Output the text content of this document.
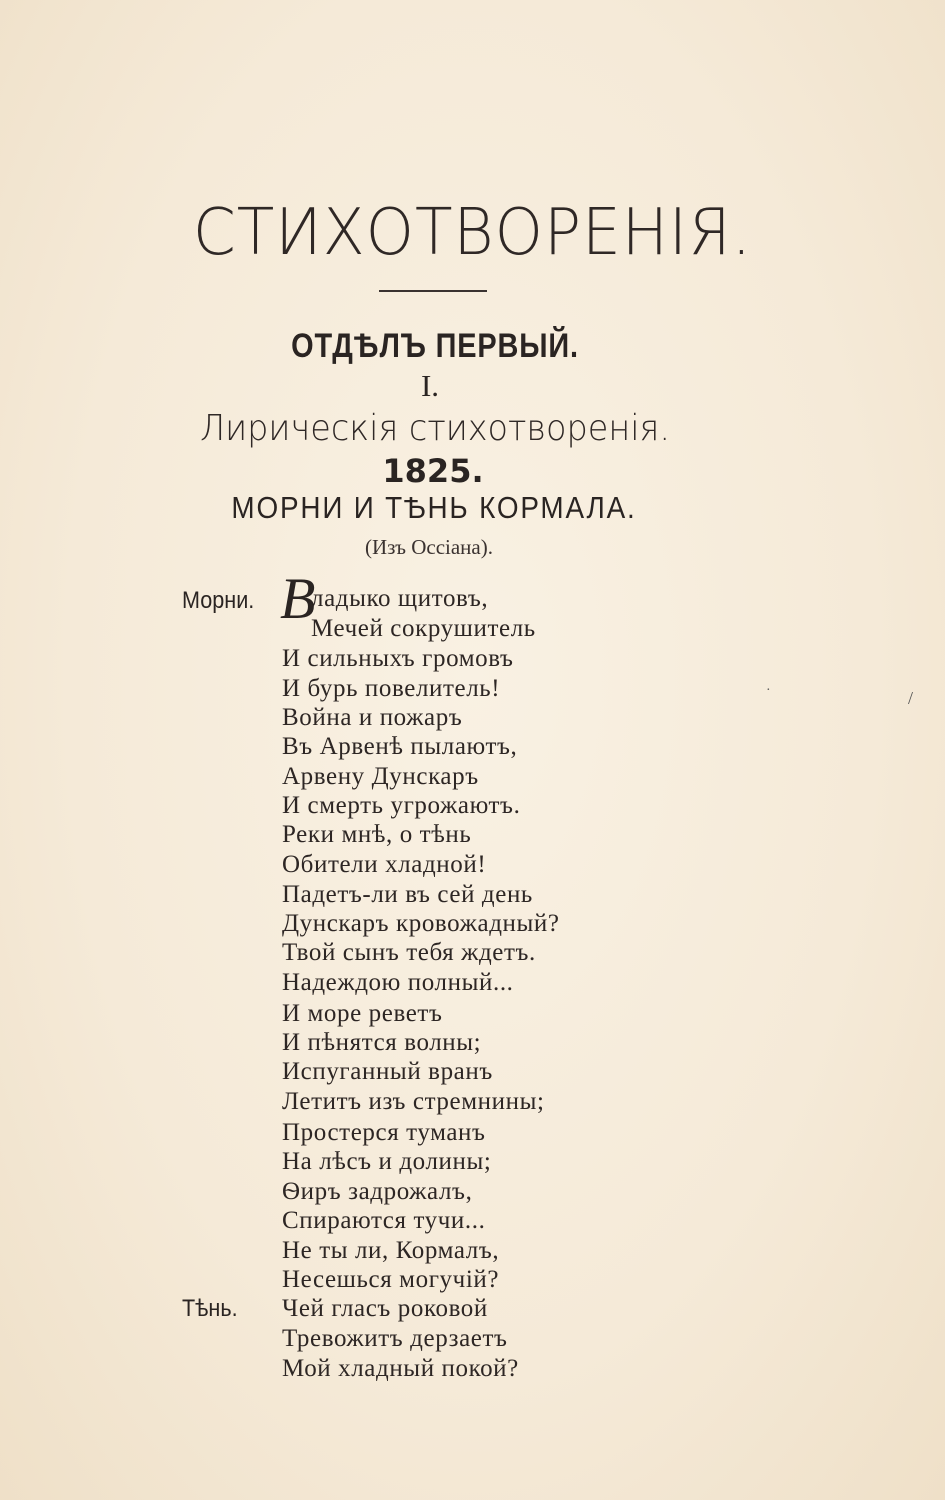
СТИХОТВОРЕНІЯ.
ОТДѢЛЪ ПЕРВЫЙ.
I.
Лирическія стихотворенія.
1825.
МОРНИ И ТѢНЬ КОРМАЛА.
(Изъ Оссіана).
Морни. В
ладыко щитовъ,
Мечей сокрушитель
И сильныхъ громовъ
И бурь повелитель!
Война и пожаръ
Въ Арвенѣ пылаютъ,
Арвену Дунскаръ
И смерть угрожаютъ.
Реки мнѣ, о тѣнь
Обители хладной!
Падетъ-ли въ сей день
Дунскаръ кровожадный?
Твой сынъ тебя ждетъ.
Надеждою полный...
И море реветъ
И пѣнятся волны;
Испуганный вранъ
Летитъ изъ стремнины;
Простерся туманъ
На лѣсъ и долины;
Ѳиръ задрожалъ,
Спираются тучи...
Не ты ли, Кормалъ,
Несешься могучій?
Тѣнь. Чей гласъ роковой
Тревожитъ дерзаетъ
Мой хладный покой?
·	/
